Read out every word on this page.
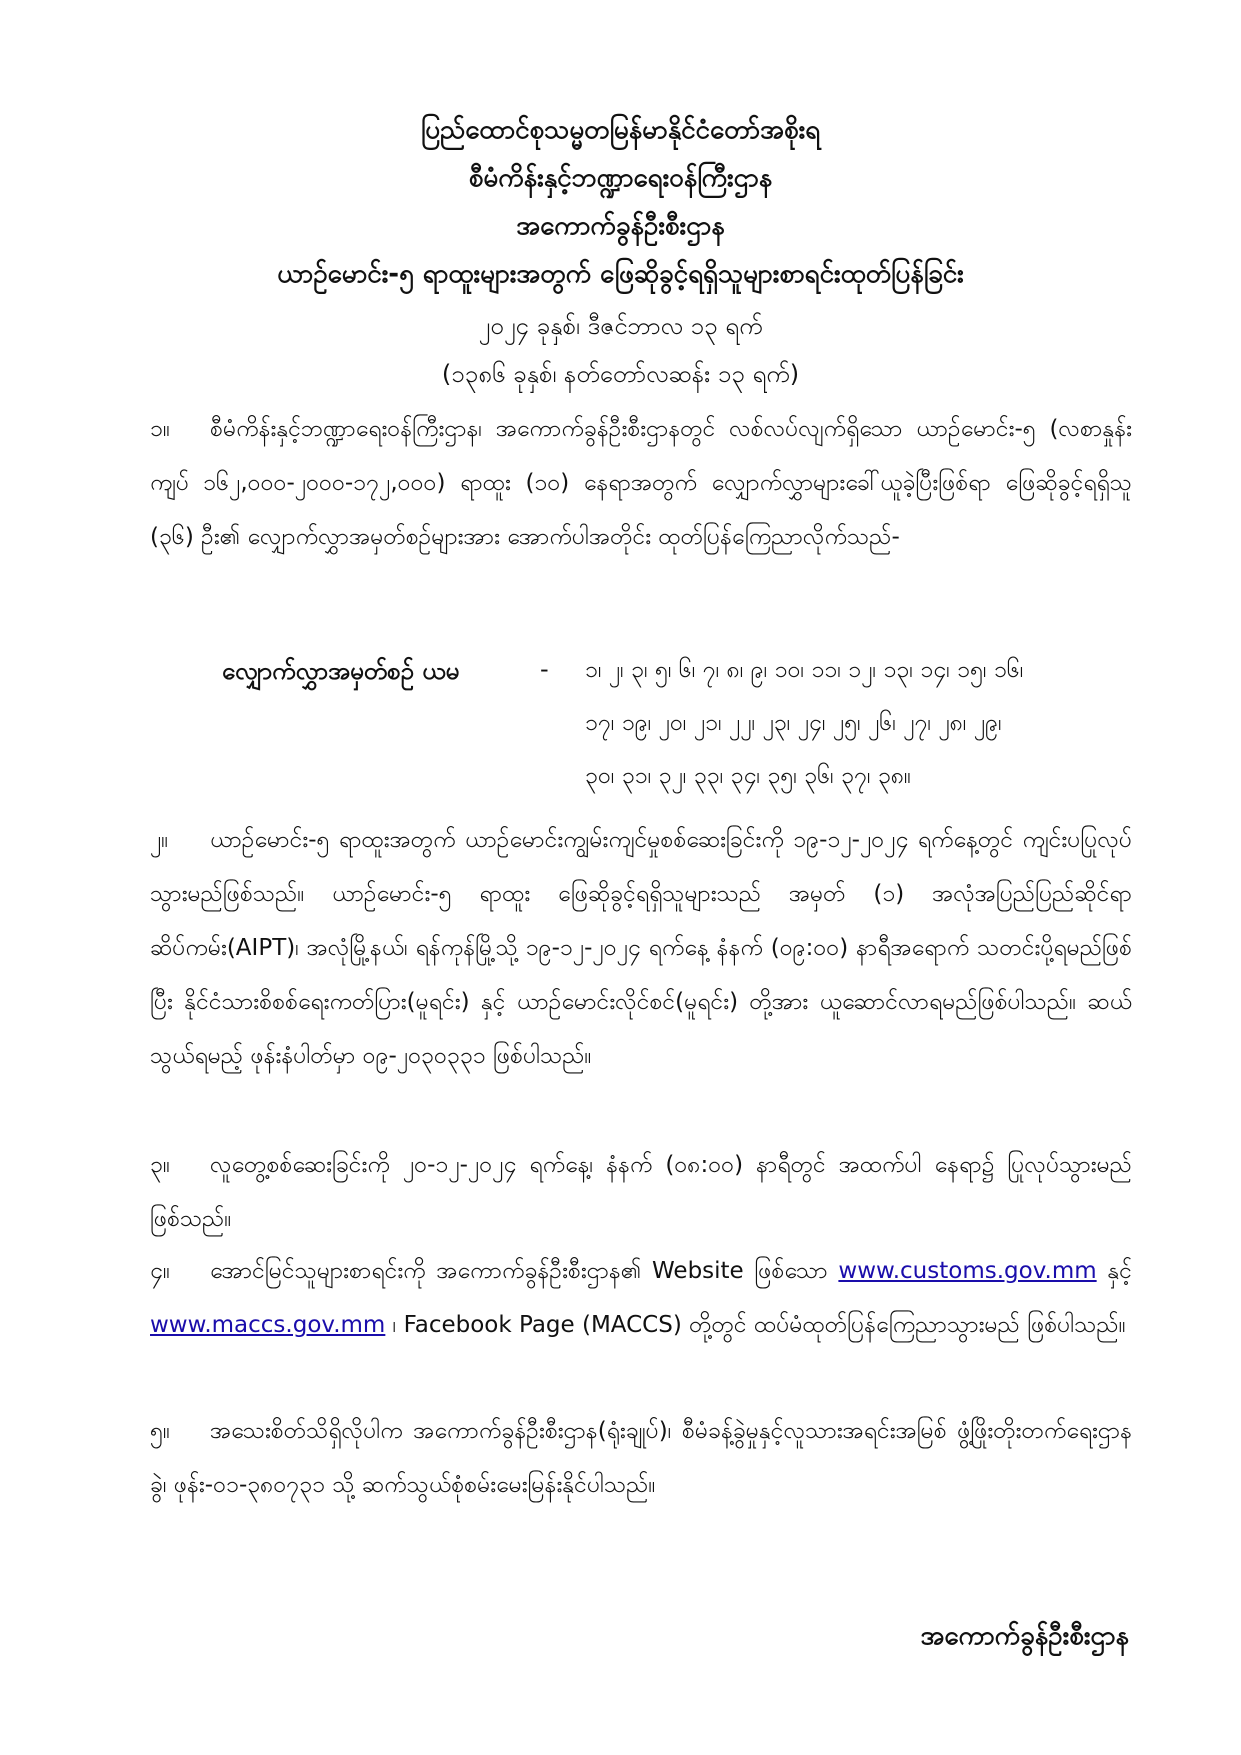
ပြည်ထောင်စုသမ္မတမြန်မာနိုင်ငံတော်အစိုးရ
စီမံကိန်းနှင့်ဘဏ္ဍာရေးဝန်ကြီးဌာန
အကောက်ခွန်ဦးစီးဌာန
ယာဉ်မောင်း-၅ ရာထူးများအတွက် ဖြေဆိုခွင့်ရရှိသူများစာရင်းထုတ်ပြန်ခြင်း
၂၀၂၄ ခုနှစ်၊ ဒီဇင်ဘာလ ၁၃ ရက်
(၁၃၈၆ ခုနှစ်၊ နတ်တော်လဆန်း ၁၃ ရက်)

၁။ စီမံကိန်းနှင့်ဘဏ္ဍာရေးဝန်ကြီးဌာန၊ အကောက်ခွန်ဦးစီးဌာနတွင် လစ်လပ်လျက်ရှိသော ယာဉ်မောင်း-၅ (လစာနှုန်းကျပ် ၁၆၂,၀၀၀-၂၀၀၀-၁၇၂,၀၀၀) ရာထူး (၁၀) နေရာအတွက် လျှောက်လွှာများခေါ်ယူခဲ့ပြီးဖြစ်ရာ ဖြေဆိုခွင့်ရရှိသူ (၃၆) ဦး၏ လျှောက်လွှာအမှတ်စဉ်များအား အောက်ပါအတိုင်း ထုတ်ပြန်ကြေညာလိုက်သည်-

လျှောက်လွှာအမှတ်စဉ် ယမ	- ၁၊ ၂၊ ၃၊ ၅၊ ၆၊ ၇၊ ၈၊ ၉၊ ၁၀၊ ၁၁၊ ၁၂၊ ၁၃၊ ၁၄၊ ၁၅၊ ၁၆၊
၁၇၊ ၁၉၊ ၂၀၊ ၂၁၊ ၂၂၊ ၂၃၊ ၂၄၊ ၂၅၊ ၂၆၊ ၂၇၊ ၂၈၊ ၂၉၊
၃၀၊ ၃၁၊ ၃၂၊ ၃၃၊ ၃၄၊ ၃၅၊ ၃၆၊ ၃၇၊ ၃၈။

၂။ ယာဉ်မောင်း-၅ ရာထူးအတွက် ယာဉ်မောင်းကျွမ်းကျင်မှုစစ်ဆေးခြင်းကို ၁၉-၁၂-၂၀၂၄ ရက်နေ့တွင် ကျင်းပပြုလုပ်သွားမည်ဖြစ်သည်။ ယာဉ်မောင်း-၅ ရာထူး ဖြေဆိုခွင့်ရရှိသူများသည် အမှတ် (၁) အလုံအပြည်ပြည်ဆိုင်ရာဆိပ်ကမ်း(AIPT)၊ အလုံမြို့နယ်၊ ရန်ကုန်မြို့သို့ ၁၉-၁၂-၂၀၂၄ ရက်နေ့ နံနက် (၀၉:၀၀) နာရီအရောက် သတင်းပို့ရမည်ဖြစ်ပြီး နိုင်ငံသားစိစစ်ရေးကတ်ပြား(မူရင်း) နှင့် ယာဉ်မောင်းလိုင်စင်(မူရင်း) တို့အား ယူဆောင်လာရမည်ဖြစ်ပါသည်။ ဆယ်သွယ်ရမည့် ဖုန်းနံပါတ်မှာ ၀၉-၂၀၃၀၃၃၁ ဖြစ်ပါသည်။

၃။ လူတွေ့စစ်ဆေးခြင်းကို ၂၀-၁၂-၂၀၂၄ ရက်နေ့၊ နံနက် (၀၈:၀၀) နာရီတွင် အထက်ပါ နေရာ၌ ပြုလုပ်သွားမည်ဖြစ်သည်။

၄။ အောင်မြင်သူများစာရင်းကို အကောက်ခွန်ဦးစီးဌာန၏ Website ဖြစ်သော www.customs.gov.mm နှင့် www.maccs.gov.mm ၊ Facebook Page (MACCS) တို့တွင် ထပ်မံထုတ်ပြန်ကြေညာသွားမည် ဖြစ်ပါသည်။

၅။ အသေးစိတ်သိရှိလိုပါက အကောက်ခွန်ဦးစီးဌာန(ရုံးချုပ်)၊ စီမံခန့်ခွဲမှုနှင့်လူသားအရင်းအမြစ် ဖွံ့ဖြိုးတိုးတက်ရေးဌာနခွဲ၊ ဖုန်း-၀၁-၃၈၀၇၃၁ သို့ ဆက်သွယ်စုံစမ်းမေးမြန်းနိုင်ပါသည်။

အကောက်ခွန်ဦးစီးဌာန
